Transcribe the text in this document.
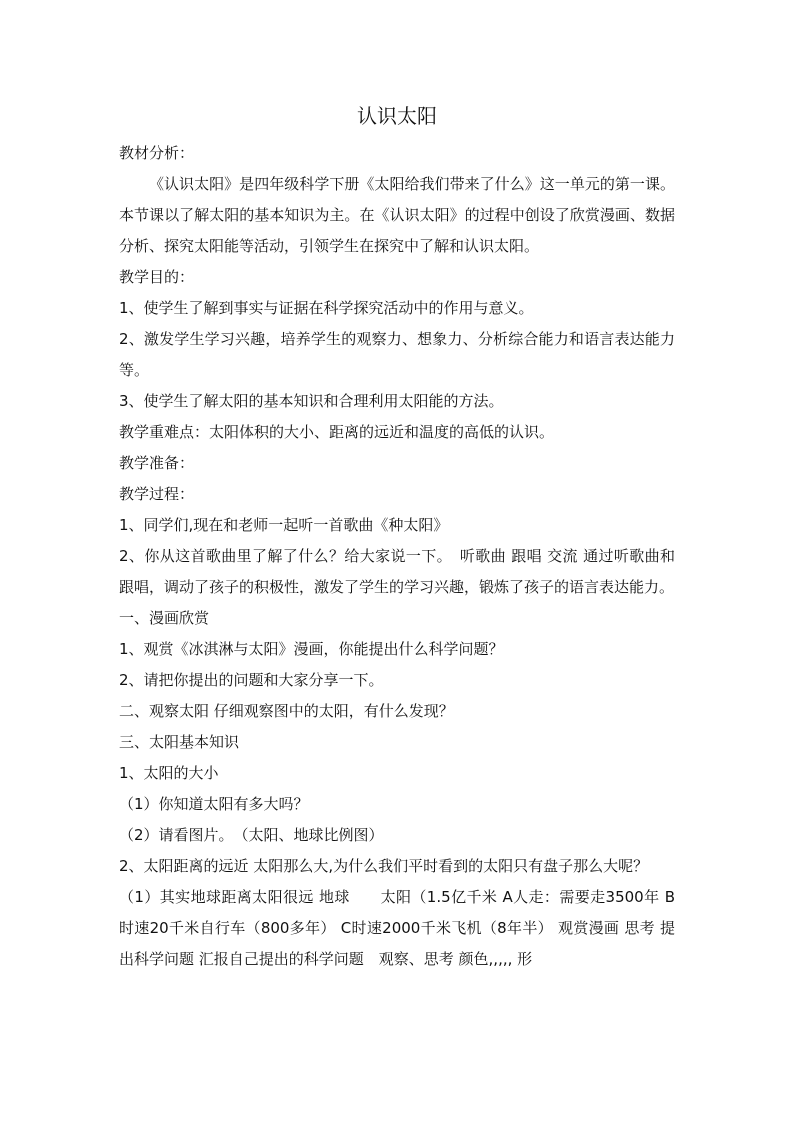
认识太阳

教材分析：

《认识太阳》是四年级科学下册《太阳给我们带来了什么》这一单元的第一课。本节课以了解太阳的基本知识为主。在《认识太阳》的过程中创设了欣赏漫画、数据分析、探究太阳能等活动，引领学生在探究中了解和认识太阳。

教学目的：

1、使学生了解到事实与证据在科学探究活动中的作用与意义。

2、激发学生学习兴趣，培养学生的观察力、想象力、分析综合能力和语言表达能力等。

3、使学生了解太阳的基本知识和合理利用太阳能的方法。

教学重难点：太阳体积的大小、距离的远近和温度的高低的认识。

教学准备：

教学过程：

1、同学们,现在和老师一起听一首歌曲《种太阳》

2、你从这首歌曲里了解了什么？给大家说一下。　听歌曲 跟唱 交流 通过听歌曲和跟唱，调动了孩子的积极性，激发了学生的学习兴趣，锻炼了孩子的语言表达能力。

一、漫画欣赏

1、观赏《冰淇淋与太阳》漫画，你能提出什么科学问题？

2、请把你提出的问题和大家分享一下。

二、观察太阳 仔细观察图中的太阳，有什么发现？

三、太阳基本知识

1、太阳的大小

（1）你知道太阳有多大吗？

（2）请看图片。　（太阳、地球比例图）

2、太阳距离的远近 太阳那么大,为什么我们平时看到的太阳只有盘子那么大呢？

（1）其实地球距离太阳很远 地球　　太阳（1.5亿千米 A人走：需要走3500年 B时速20千米自行车（800多年） C时速2000千米飞机（8年半） 观赏漫画 思考 提出科学问题 汇报自己提出的科学问题　观察、思考 颜色,,,,, 形
